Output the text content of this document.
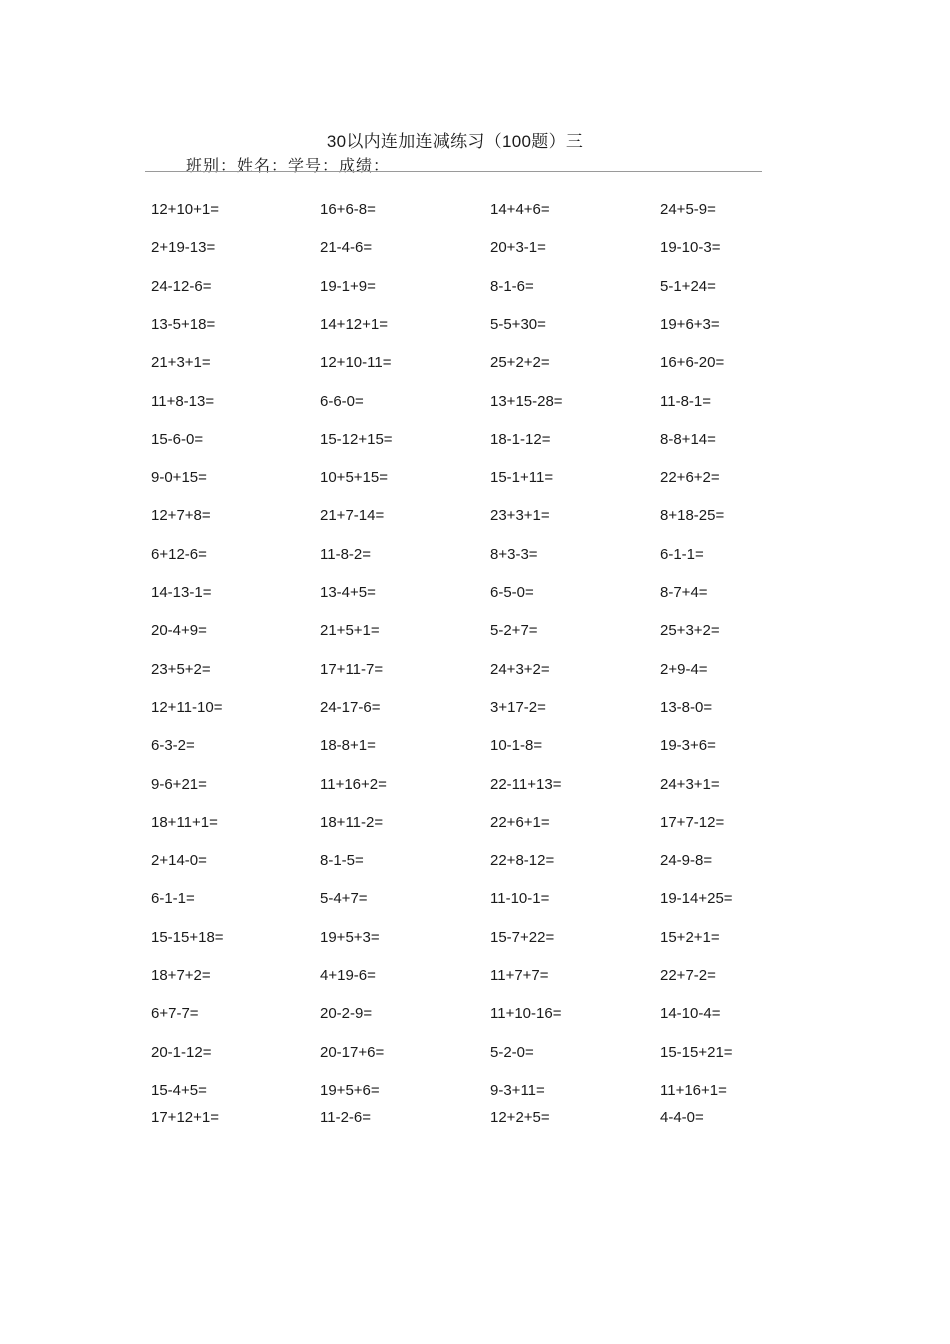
30以内连加连减练习（100题）三
班别：姓名：学号：成绩：
12+10+1=	16+6-8=	14+4+6=	24+5-9=
2+19-13=	21-4-6=	20+3-1=	19-10-3=
24-12-6=	19-1+9=	8-1-6=	5-1+24=
13-5+18=	14+12+1=	5-5+30=	19+6+3=
21+3+1=	12+10-11=	25+2+2=	16+6-20=
11+8-13=	6-6-0=	13+15-28=	11-8-1=
15-6-0=	15-12+15=	18-1-12=	8-8+14=
9-0+15=	10+5+15=	15-1+11=	22+6+2=
12+7+8=	21+7-14=	23+3+1=	8+18-25=
6+12-6=	11-8-2=	8+3-3=	6-1-1=
14-13-1=	13-4+5=	6-5-0=	8-7+4=
20-4+9=	21+5+1=	5-2+7=	25+3+2=
23+5+2=	17+11-7=	24+3+2=	2+9-4=
12+11-10=	24-17-6=	3+17-2=	13-8-0=
6-3-2=	18-8+1=	10-1-8=	19-3+6=
9-6+21=	11+16+2=	22-11+13=	24+3+1=
18+11+1=	18+11-2=	22+6+1=	17+7-12=
2+14-0=	8-1-5=	22+8-12=	24-9-8=
6-1-1=	5-4+7=	11-10-1=	19-14+25=
15-15+18=	19+5+3=	15-7+22=	15+2+1=
18+7+2=	4+19-6=	11+7+7=	22+7-2=
6+7-7=	20-2-9=	11+10-16=	14-10-4=
20-1-12=	20-17+6=	5-2-0=	15-15+21=
15-4+5=	19+5+6=	9-3+11=	11+16+1=
17+12+1=	11-2-6=	12+2+5=	4-4-0=
